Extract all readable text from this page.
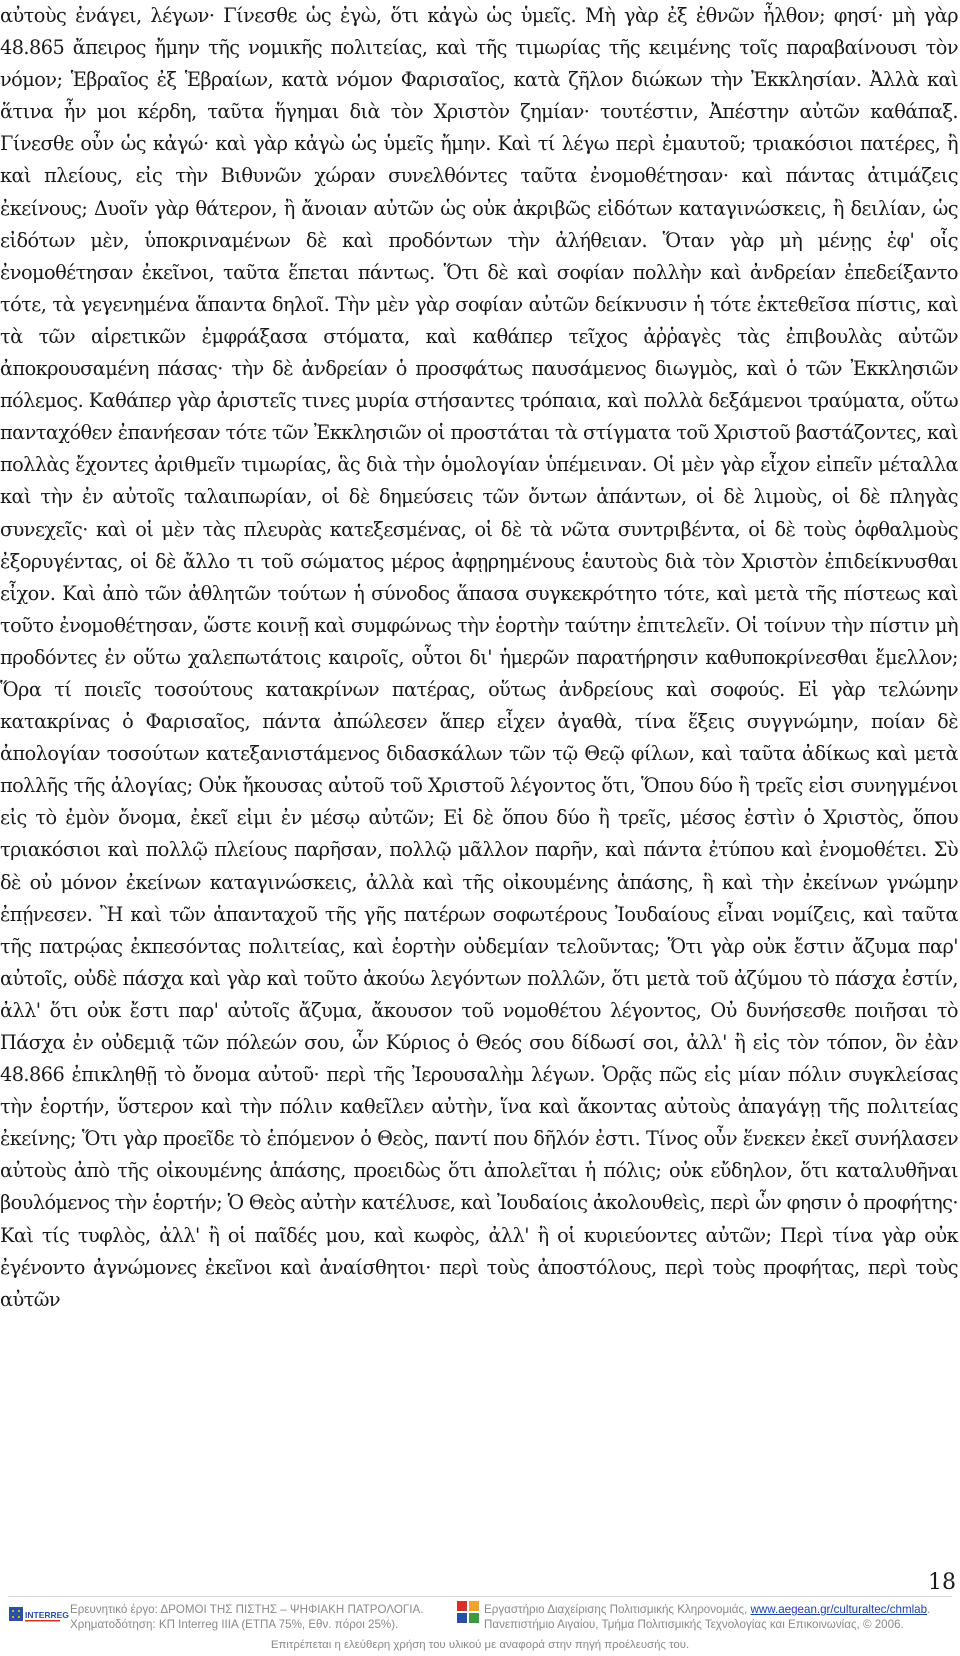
αὐτοὺς ἐνάγει, λέγων· Γίνεσθε ὡς ἐγὼ, ὅτι κἀγὼ ὡς ὑμεῖς. Μὴ γὰρ ἐξ ἐθνῶν ἦλθον; φησί· μὴ γὰρ 48.865 ἄπειρος ἤμην τῆς νομικῆς πολιτείας, καὶ τῆς τιμωρίας τῆς κειμένης τοῖς παραβαίνουσι τὸν νόμον; Ἑβραῖος ἐξ Ἑβραίων, κατὰ νόμον Φαρισαῖος, κατὰ ζῆλον διώκων τὴν Ἐκκλησίαν. Ἀλλὰ καὶ ἅτινα ἦν μοι κέρδη, ταῦτα ἥγημαι διὰ τὸν Χριστὸν ζημίαν· τουτέστιν, Ἀπέστην αὐτῶν καθάπαξ. Γίνεσθε οὖν ὡς κἀγώ· καὶ γὰρ κἀγὼ ὡς ὑμεῖς ἤμην. Καὶ τί λέγω περὶ ἐμαυτοῦ; τριακόσιοι πατέρες, ἢ καὶ πλείους, εἰς τὴν Βιθυνῶν χώραν συνελθόντες ταῦτα ἐνομοθέτησαν· καὶ πάντας ἀτιμάζεις ἐκείνους; Δυοῖν γὰρ θάτερον, ἢ ἄνοιαν αὐτῶν ὡς οὐκ ἀκριβῶς εἰδότων καταγινώσκεις, ἢ δειλίαν, ὡς εἰδότων μὲν, ὑποκριναμένων δὲ καὶ προδόντων τὴν ἀλήθειαν. Ὅταν γὰρ μὴ μένῃς ἐφ' οἷς ἐνομοθέτησαν ἐκεῖνοι, ταῦτα ἕπεται πάντως. Ὅτι δὲ καὶ σοφίαν πολλὴν καὶ ἀνδρείαν ἐπεδείξαντο τότε, τὰ γεγενημένα ἅπαντα δηλοῖ. Τὴν μὲν γὰρ σοφίαν αὐτῶν δείκνυσιν ἡ τότε ἐκτεθεῖσα πίστις, καὶ τὰ τῶν αἱρετικῶν ἐμφράξασα στόματα, καὶ καθάπερ τεῖχος ἀῤῥαγὲς τὰς ἐπιβουλὰς αὐτῶν ἀποκρουσαμένη πάσας· τὴν δὲ ἀνδρείαν ὁ προσφάτως παυσάμενος διωγμὸς, καὶ ὁ τῶν Ἐκκλησιῶν πόλεμος. Καθάπερ γὰρ ἀριστεῖς τινες μυρία στήσαντες τρόπαια, καὶ πολλὰ δεξάμενοι τραύματα, οὕτω πανταχόθεν ἐπανήεσαν τότε τῶν Ἐκκλησιῶν οἱ προστάται τὰ στίγματα τοῦ Χριστοῦ βαστάζοντες, καὶ πολλὰς ἔχοντες ἀριθμεῖν τιμωρίας, ἃς διὰ τὴν ὁμολογίαν ὑπέμειναν. Οἱ μὲν γὰρ εἶχον εἰπεῖν μέταλλα καὶ τὴν ἐν αὐτοῖς ταλαιπωρίαν, οἱ δὲ δημεύσεις τῶν ὄντων ἁπάντων, οἱ δὲ λιμοὺς, οἱ δὲ πληγὰς συνεχεῖς· καὶ οἱ μὲν τὰς πλευρὰς κατεξεσμένας, οἱ δὲ τὰ νῶτα συντριβέντα, οἱ δὲ τοὺς ὀφθαλμοὺς ἐξορυγέντας, οἱ δὲ ἄλλο τι τοῦ σώματος μέρος ἀφῃρημένους ἑαυτοὺς διὰ τὸν Χριστὸν ἐπιδείκνυσθαι εἶχον. Καὶ ἀπὸ τῶν ἀθλητῶν τούτων ἡ σύνοδος ἅπασα συγκεκρότητο τότε, καὶ μετὰ τῆς πίστεως καὶ τοῦτο ἐνομοθέτησαν, ὥστε κοινῇ καὶ συμφώνως τὴν ἑορτὴν ταύτην ἐπιτελεῖν. Οἱ τοίνυν τὴν πίστιν μὴ προδόντες ἐν οὕτω χαλεπωτάτοις καιροῖς, οὗτοι δι' ἡμερῶν παρατήρησιν καθυποκρίνεσθαι ἔμελλον; Ὅρα τί ποιεῖς τοσούτους κατακρίνων πατέρας, οὕτως ἀνδρείους καὶ σοφούς. Εἰ γὰρ τελώνην κατακρίνας ὁ Φαρισαῖος, πάντα ἀπώλεσεν ἅπερ εἶχεν ἀγαθὰ, τίνα ἕξεις συγγνώμην, ποίαν δὲ ἀπολογίαν τοσούτων κατεξανιστάμενος διδασκάλων τῶν τῷ Θεῷ φίλων, καὶ ταῦτα ἀδίκως καὶ μετὰ πολλῆς τῆς ἀλογίας; Οὐκ ἤκουσας αὐτοῦ τοῦ Χριστοῦ λέγοντος ὅτι, Ὅπου δύο ἢ τρεῖς εἰσι συνηγμένοι εἰς τὸ ἐμὸν ὄνομα, ἐκεῖ εἰμι ἐν μέσῳ αὐτῶν; Εἰ δὲ ὅπου δύο ἢ τρεῖς, μέσος ἐστὶν ὁ Χριστὸς, ὅπου τριακόσιοι καὶ πολλῷ πλείους παρῆσαν, πολλῷ μᾶλλον παρῆν, καὶ πάντα ἐτύπου καὶ ἐνομοθέτει. Σὺ δὲ οὐ μόνον ἐκείνων καταγινώσκεις, ἀλλὰ καὶ τῆς οἰκουμένης ἁπάσης, ἣ καὶ τὴν ἐκείνων γνώμην ἐπῄνεσεν. Ἢ καὶ τῶν ἁπανταχοῦ τῆς γῆς πατέρων σοφωτέρους Ἰουδαίους εἶναι νομίζεις, καὶ ταῦτα τῆς πατρῴας ἐκπεσόντας πολιτείας, καὶ ἑορτὴν οὐδεμίαν τελοῦντας; Ὅτι γὰρ οὐκ ἔστιν ἄζυμα παρ' αὐτοῖς, οὐδὲ πάσχα καὶ γὰρ καὶ τοῦτο ἀκούω λεγόντων πολλῶν, ὅτι μετὰ τοῦ ἀζύμου τὸ πάσχα ἐστίν, ἀλλ' ὅτι οὐκ ἔστι παρ' αὐτοῖς ἄζυμα, ἄκουσον τοῦ νομοθέτου λέγοντος, Οὐ δυνήσεσθε ποιῆσαι τὸ Πάσχα ἐν οὐδεμιᾷ τῶν πόλεών σου, ὧν Κύριος ὁ Θεός σου δίδωσί σοι, ἀλλ' ἢ εἰς τὸν τόπον, ὃν ἐὰν 48.866 ἐπικληθῇ τὸ ὄνομα αὐτοῦ· περὶ τῆς Ἰερουσαλὴμ λέγων. Ὁρᾷς πῶς εἰς μίαν πόλιν συγκλείσας τὴν ἑορτήν, ὕστερον καὶ τὴν πόλιν καθεῖλεν αὐτὴν, ἵνα καὶ ἄκοντας αὐτοὺς ἀπαγάγῃ τῆς πολιτείας ἐκείνης; Ὅτι γὰρ προεῖδε τὸ ἑπόμενον ὁ Θεὸς, παντί που δῆλόν ἐστι. Τίνος οὖν ἕνεκεν ἐκεῖ συνήλασεν αὐτοὺς ἀπὸ τῆς οἰκουμένης ἁπάσης, προειδὼς ὅτι ἀπολεῖται ἡ πόλις; οὐκ εὔδηλον, ὅτι καταλυθῆναι βουλόμενος τὴν ἑορτήν; Ὁ Θεὸς αὐτὴν κατέλυσε, καὶ Ἰουδαίοις ἀκολουθεὶς, περὶ ὧν φησιν ὁ προφήτης· Καὶ τίς τυφλὸς, ἀλλ' ἢ οἱ παῖδές μου, καὶ κωφὸς, ἀλλ' ἢ οἱ κυριεύοντες αὐτῶν; Περὶ τίνα γὰρ οὐκ ἐγένοντο ἀγνώμονες ἐκεῖνοι καὶ ἀναίσθητοι· περὶ τοὺς ἀποστόλους, περὶ τοὺς προφήτας, περὶ τοὺς αὐτῶν

18
INTERREG Ερευνητικό έργο: ΔΡΟΜΟΙ ΤΗΣ ΠΙΣΤΗΣ – ΨΗΦΙΑΚΗ ΠΑΤΡΟΛΟΓΙΑ.
Χρηματοδότηση: ΚΠ Interreg IIIA (ΕΤΠΑ 75%, Εθν. πόροι 25%).
Εργαστήριο Διαχείρισης Πολιτισμικής Κληρονομιάς, www.aegean.gr/culturaltec/chmlab.
Πανεπιστήμιο Αιγαίου, Τμήμα Πολιτισμικής Τεχνολογίας και Επικοινωνίας, © 2006.
Επιτρέπεται η ελεύθερη χρήση του υλικού με αναφορά στην πηγή προέλευσής του.
